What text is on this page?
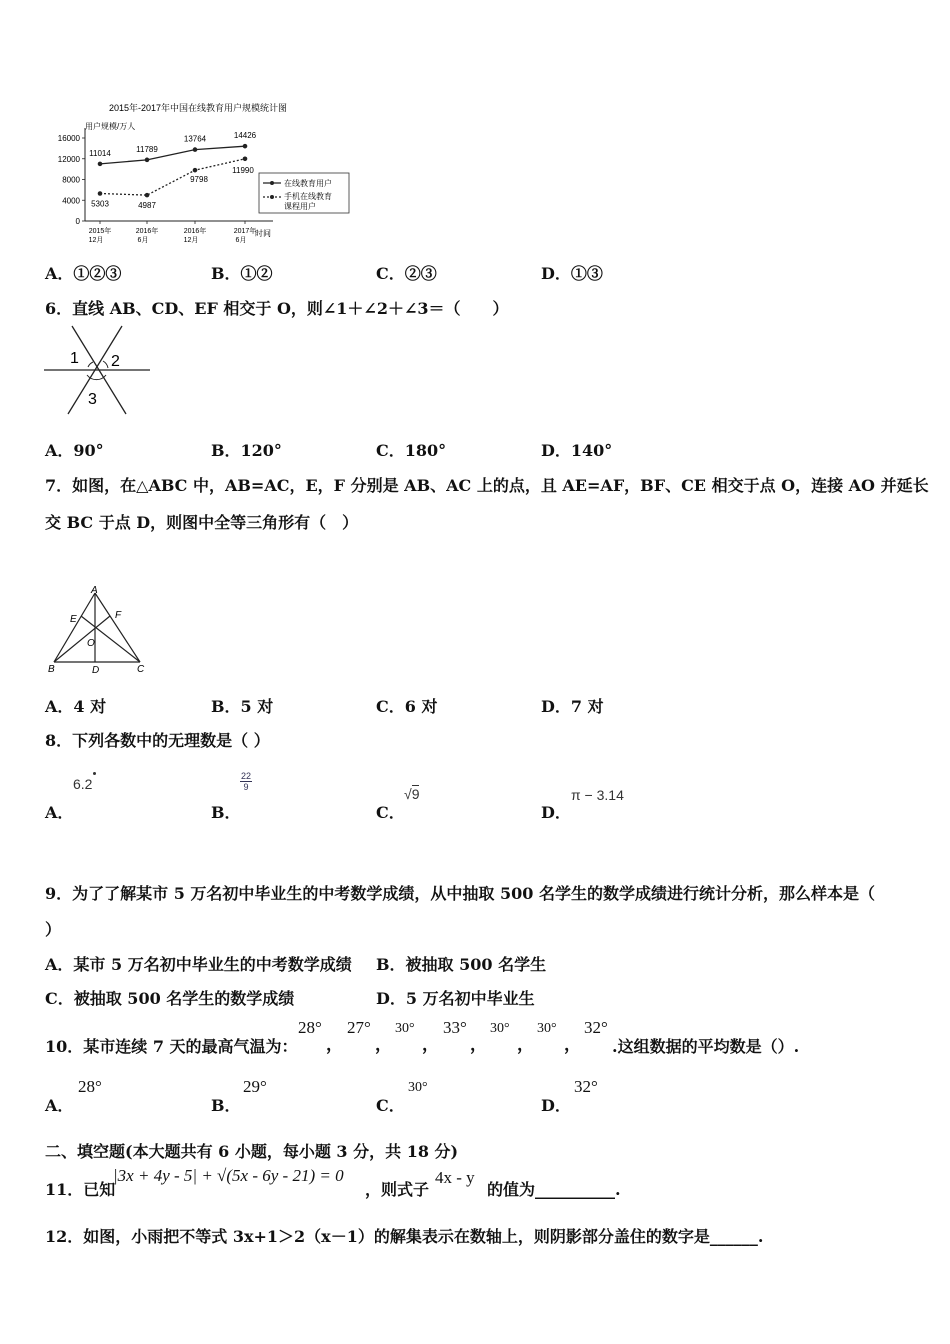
2015年-2017年中国在线教育用户规模统计图
用户规模/万人
16000
12000
8000
4000
0
2015年
12月
2016年
6月
2016年
12月
2017年
6月
时间
11014	11789
13764	14426
5303	4987
9798
11990
在线教育用户
手机在线教育
课程用户
A．①②③	B．①②	C．②③	D．①③
6．直线 AB、CD、EF 相交于 O，则∠1＋∠2＋∠3＝（　　）
1 2
3
A．90°	B．120°	C．180°	D．140°
7．如图，在△ABC 中，AB=AC，E，F 分别是 AB、AC 上的点，且 AE=AF，BF、CE 相交于点 O，连接 AO 并延长
交 BC 于点 D，则图中全等三角形有（　）
A
B	C
D
E	F
O
A．4 对	B．5 对	C．6 对	D．7 对
8．下列各数中的无理数是（ ）
A．
6.2
B．
$\frac{22}{9}$
C．
√9
D．
π − 3.14
9．为了了解某市 5 万名初中毕业生的中考数学成绩，从中抽取 500 名学生的数学成绩进行统计分析，那么样本是（
）
A．某市 5 万名初中毕业生的中考数学成绩 B．被抽取 500 名学生
C．被抽取 500 名学生的数学成绩	D．5 万名初中毕业生
10．某市连续 7 天的最高气温为：
28°
，
27°
，
30°
，
33°
，
30°
，
30°
，
32°
.这组数据的平均数是（）.
A．
28°
B．
29°
C．
30°
D．
32°
二、填空题(本大题共有 6 小题，每小题 3 分，共 18 分)
11．已知
|3x + 4y - 5| + √(5x - 6y - 21) = 0
，则式子
4x - y
的值为__________.
12．如图，小雨把不等式 3x+1＞2（x－1）的解集表示在数轴上，则阴影部分盖住的数字是______.
